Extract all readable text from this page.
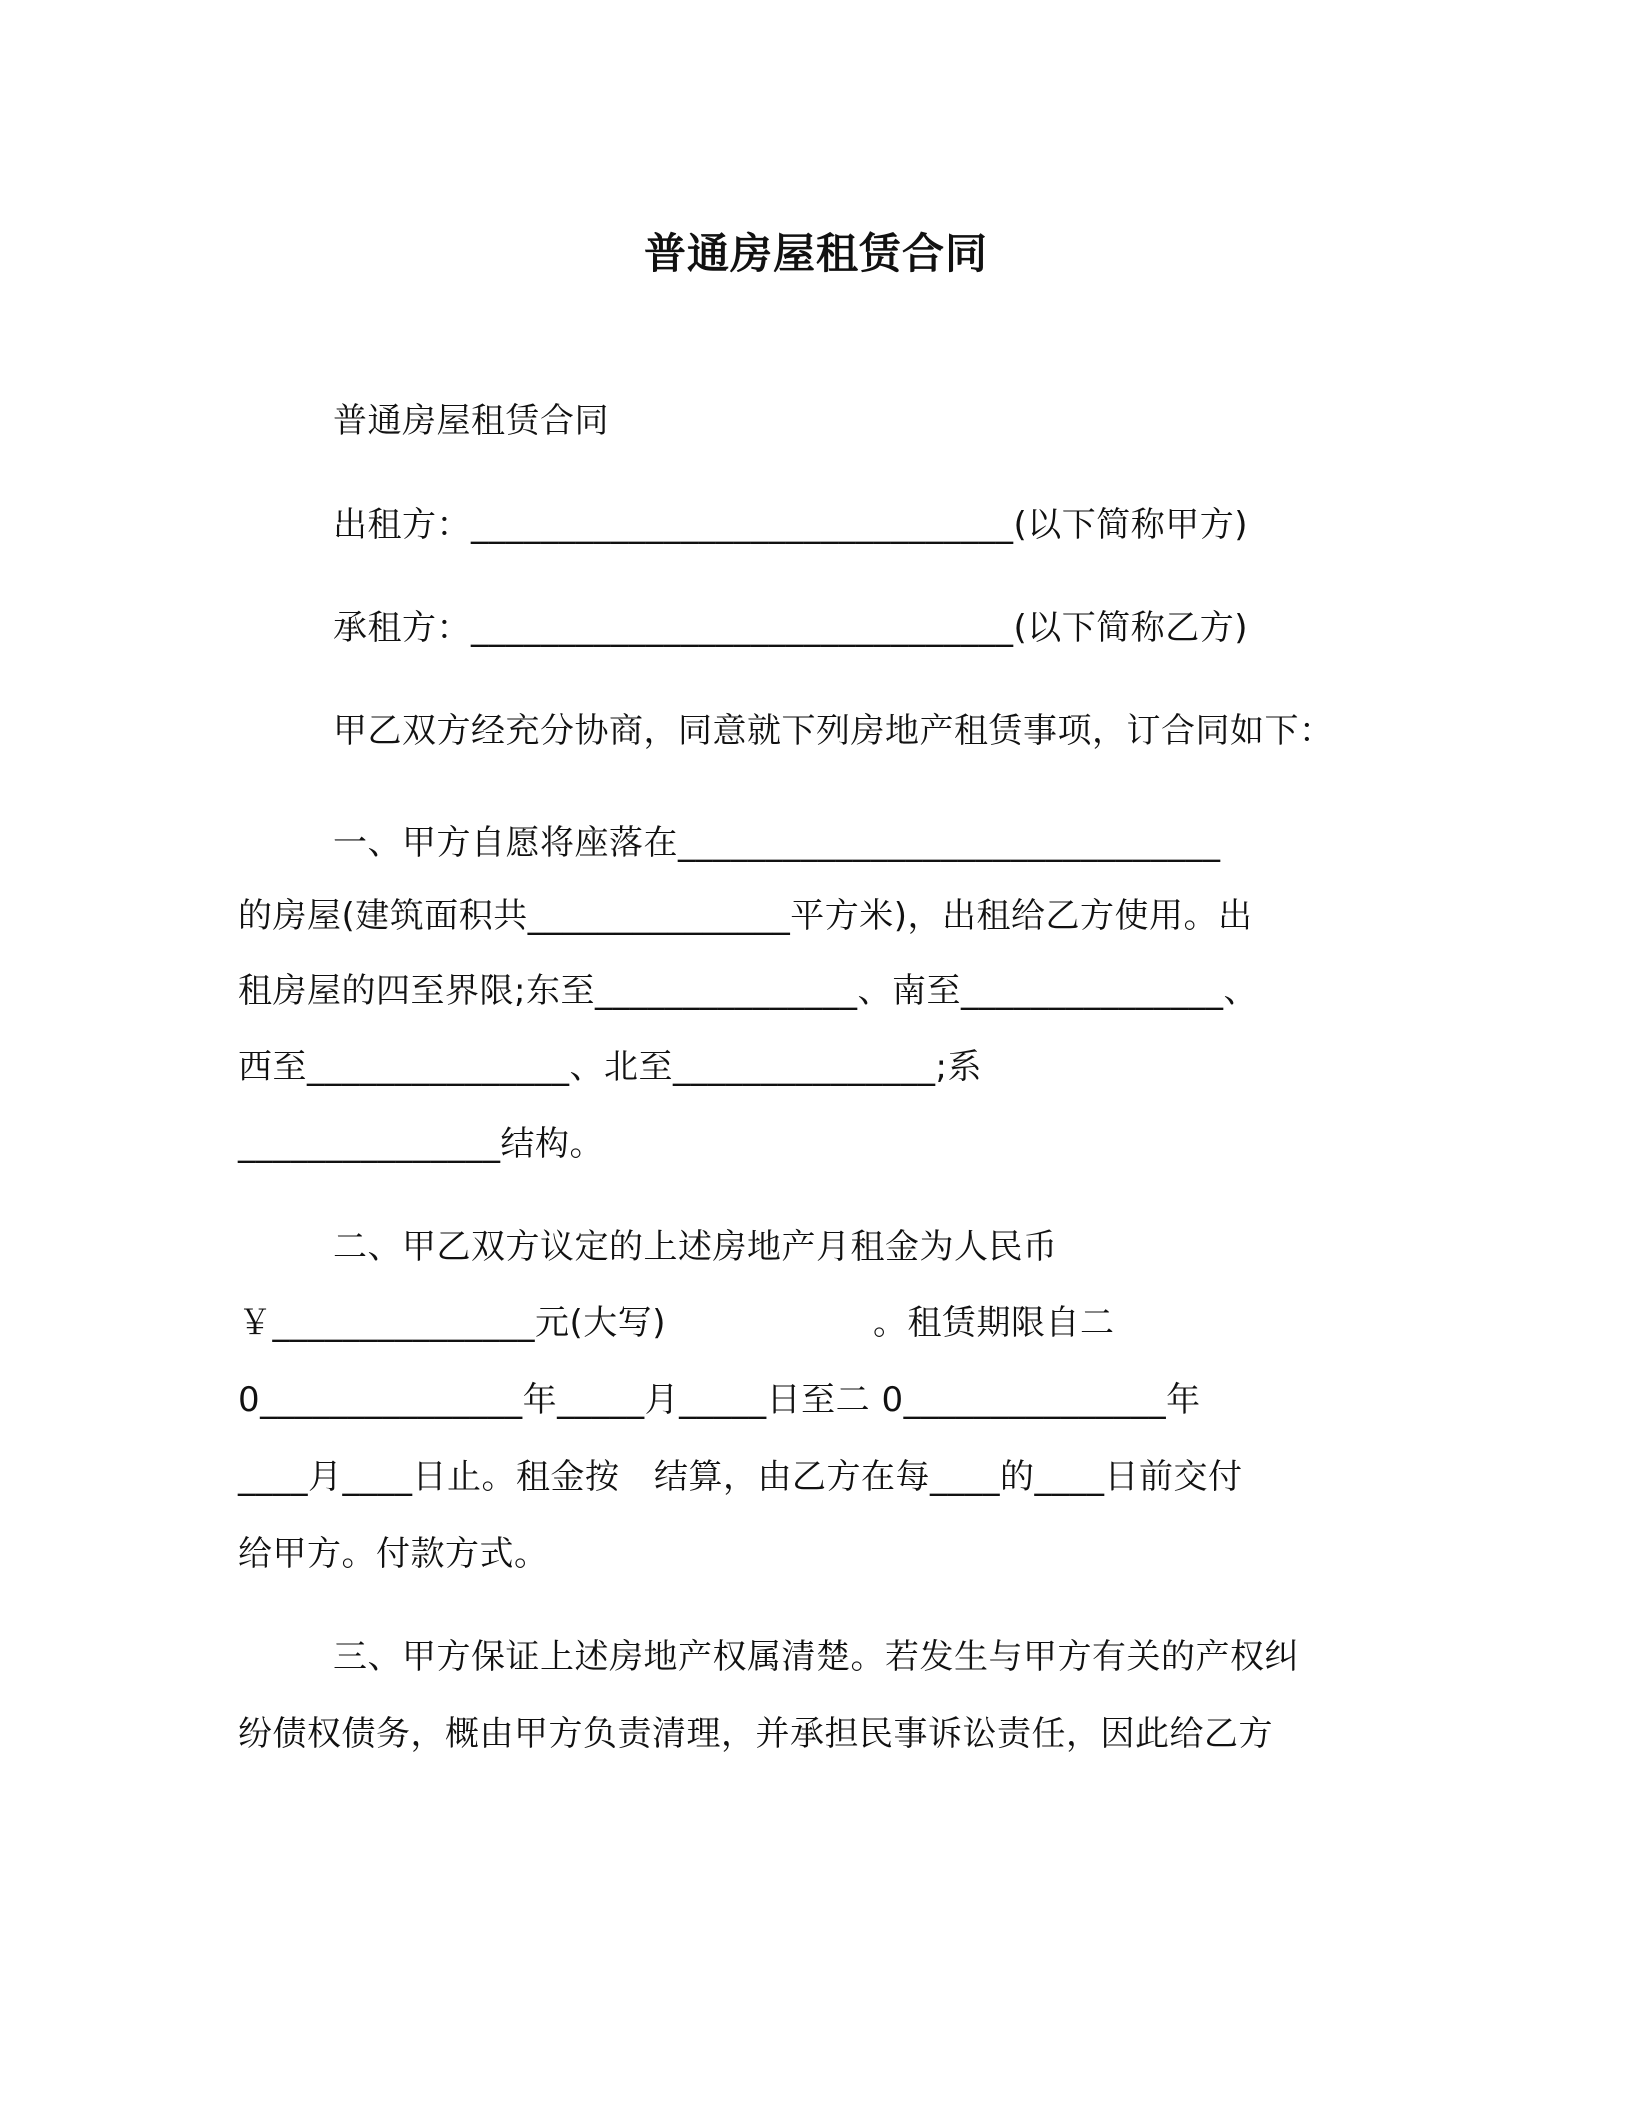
普通房屋租赁合同
普通房屋租赁合同
出租方：_______________________________(以下简称甲方)
承租方：_______________________________(以下简称乙方)
甲乙双方经充分协商，同意就下列房地产租赁事项，订合同如下：
一、甲方自愿将座落在_______________________________
的房屋(建筑面积共_______________平方米)，出租给乙方使用。出
租房屋的四至界限;东至_______________、南至_______________、
西至_______________、北至_______________;系
_______________结构。
二、甲乙双方议定的上述房地产月租金为人民币
￥_______________元(大写)　　　　　　。租赁期限自二
0_______________年_____月_____日至二 0_______________年
____月____日止。租金按　结算，由乙方在每____的____日前交付
给甲方。付款方式。
三、甲方保证上述房地产权属清楚。若发生与甲方有关的产权纠
纷债权债务，概由甲方负责清理，并承担民事诉讼责任，因此给乙方
